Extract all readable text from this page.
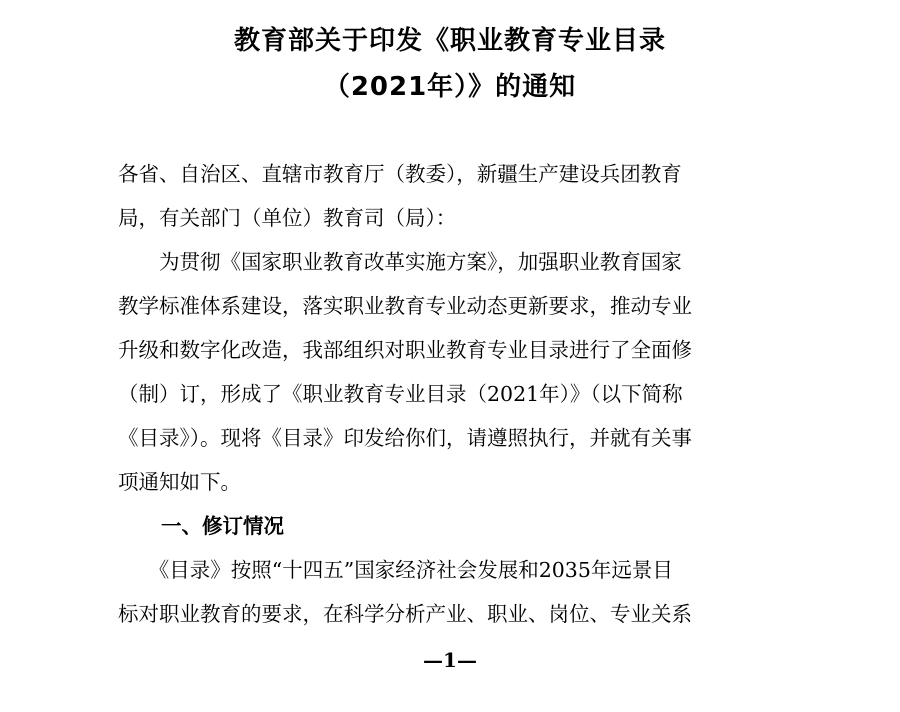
教育部关于印发《职业教育专业目录
（2021年）》的通知
各省、自治区、直辖市教育厅（教委），新疆生产建设兵团教育
局，有关部门（单位）教育司（局）：
　　为贯彻《国家职业教育改革实施方案》，加强职业教育国家
教学标准体系建设，落实职业教育专业动态更新要求，推动专业
升级和数字化改造，我部组织对职业教育专业目录进行了全面修
（制）订，形成了《职业教育专业目录（2021年）》（以下简称
《目录》）。现将《目录》印发给你们，请遵照执行，并就有关事
项通知如下。
一、修订情况
　　《目录》按照“十四五”国家经济社会发展和2035年远景目
标对职业教育的要求，在科学分析产业、职业、岗位、专业关系
—1—
